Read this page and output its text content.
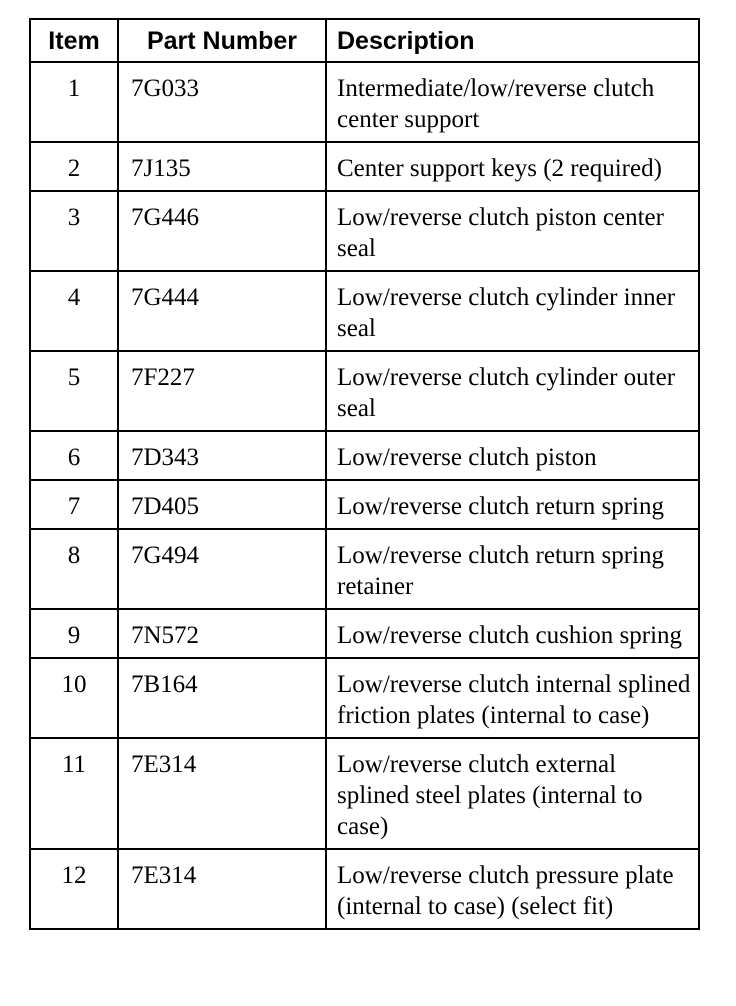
Item	Part Number	Description
1	7G033	Intermediate/low/reverse clutch center support
2	7J135	Center support keys (2 required)
3	7G446	Low/reverse clutch piston center seal
4	7G444	Low/reverse clutch cylinder inner seal
5	7F227	Low/reverse clutch cylinder outer seal
6	7D343	Low/reverse clutch piston
7	7D405	Low/reverse clutch return spring
8	7G494	Low/reverse clutch return spring retainer
9	7N572	Low/reverse clutch cushion spring
10	7B164	Low/reverse clutch internal splined friction plates (internal to case)
11	7E314	Low/reverse clutch external splined steel plates (internal to case)
12	7E314	Low/reverse clutch pressure plate (internal to case) (select fit)
